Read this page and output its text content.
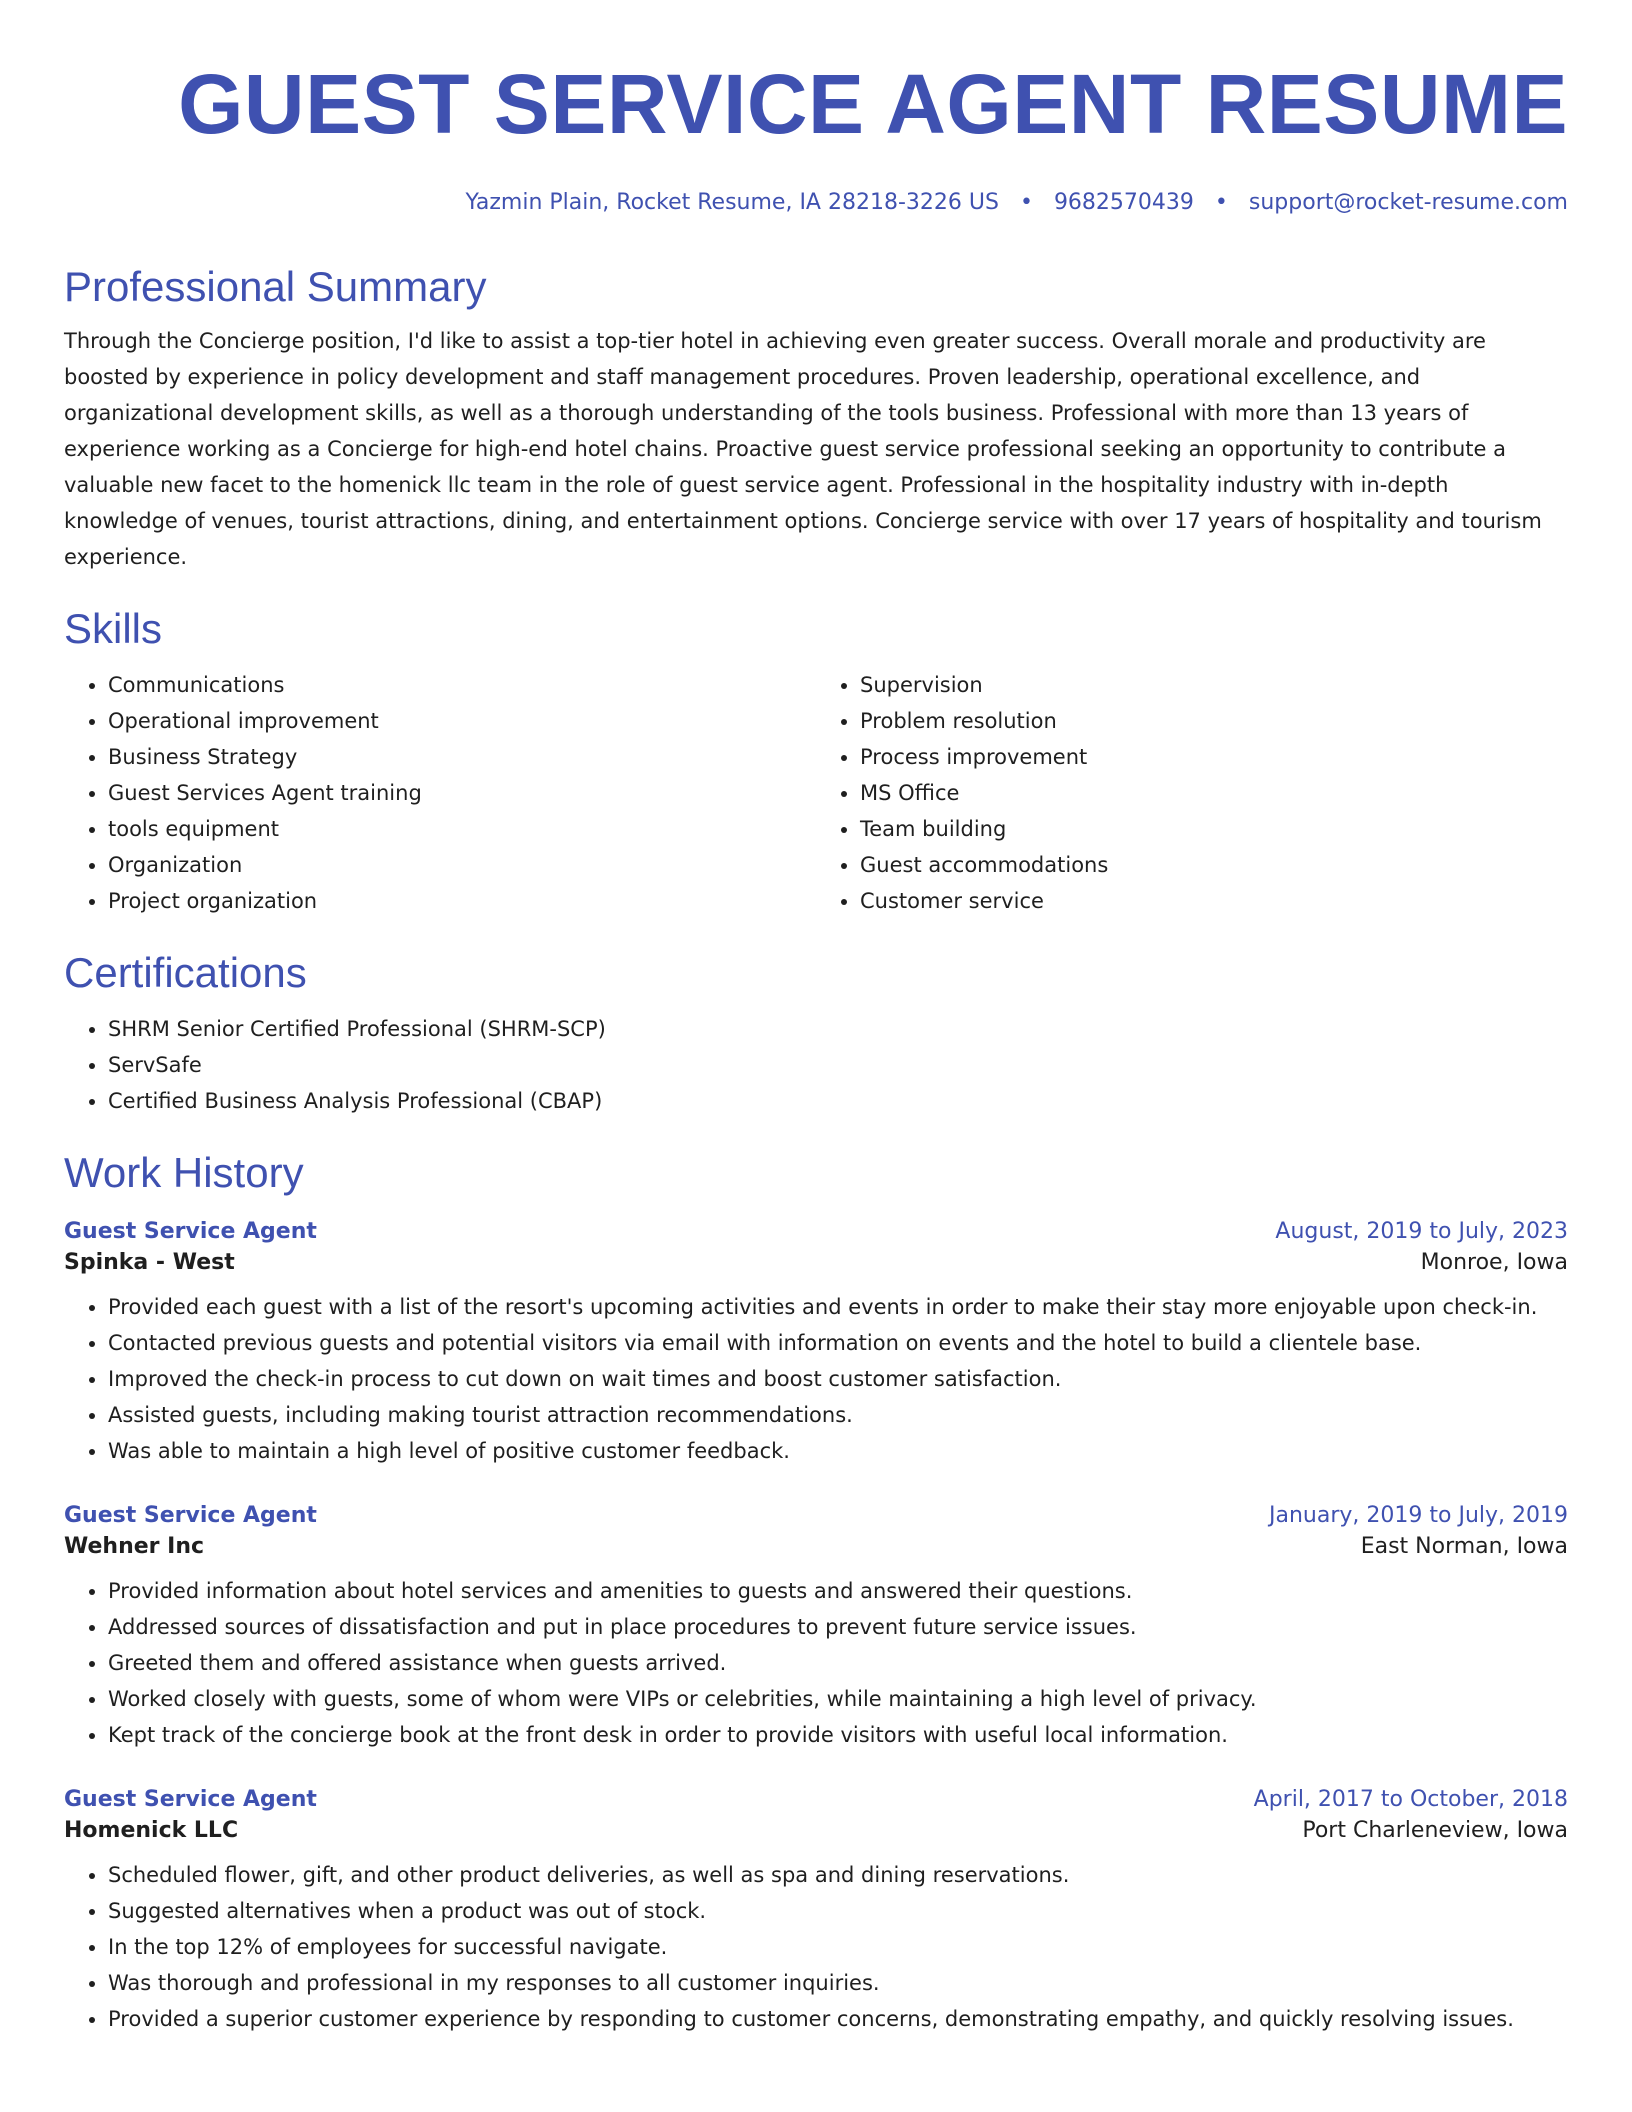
GUEST SERVICE AGENT RESUME
Yazmin Plain, Rocket Resume, IA 28218-3226 US • 9682570439 • support@rocket-resume.com
Professional Summary

Through the Concierge position, I'd like to assist a top-tier hotel in achieving even greater success. Overall morale and productivity are boosted by experience in policy development and staff management procedures. Proven leadership, operational excellence, and organizational development skills, as well as a thorough understanding of the tools business. Professional with more than 13 years of experience working as a Concierge for high-end hotel chains. Proactive guest service professional seeking an opportunity to contribute a valuable new facet to the homenick llc team in the role of guest service agent. Professional in the hospitality industry with in-depth knowledge of venues, tourist attractions, dining, and entertainment options. Concierge service with over 17 years of hospitality and tourism experience.

Skills
• Communications
• Operational improvement
• Business Strategy
• Guest Services Agent training
• tools equipment
• Organization
• Project organization
• Supervision
• Problem resolution
• Process improvement
• MS Office
• Team building
• Guest accommodations
• Customer service
Certifications
• SHRM Senior Certified Professional (SHRM-SCP)
• ServSafe
• Certified Business Analysis Professional (CBAP)
Work History
Guest Service Agent	August, 2019 to July, 2023
Spinka - West	Monroe, Iowa
• Provided each guest with a list of the resort's upcoming activities and events in order to make their stay more enjoyable upon check-in.
• Contacted previous guests and potential visitors via email with information on events and the hotel to build a clientele base.
• Improved the check-in process to cut down on wait times and boost customer satisfaction.
• Assisted guests, including making tourist attraction recommendations.
• Was able to maintain a high level of positive customer feedback.
Guest Service Agent	January, 2019 to July, 2019
Wehner Inc	East Norman, Iowa
• Provided information about hotel services and amenities to guests and answered their questions.
• Addressed sources of dissatisfaction and put in place procedures to prevent future service issues.
• Greeted them and offered assistance when guests arrived.
• Worked closely with guests, some of whom were VIPs or celebrities, while maintaining a high level of privacy.
• Kept track of the concierge book at the front desk in order to provide visitors with useful local information.
Guest Service Agent	April, 2017 to October, 2018
Homenick LLC	Port Charleneview, Iowa
• Scheduled flower, gift, and other product deliveries, as well as spa and dining reservations.
• Suggested alternatives when a product was out of stock.
• In the top 12% of employees for successful navigate.
• Was thorough and professional in my responses to all customer inquiries.
• Provided a superior customer experience by responding to customer concerns, demonstrating empathy, and quickly resolving issues.
